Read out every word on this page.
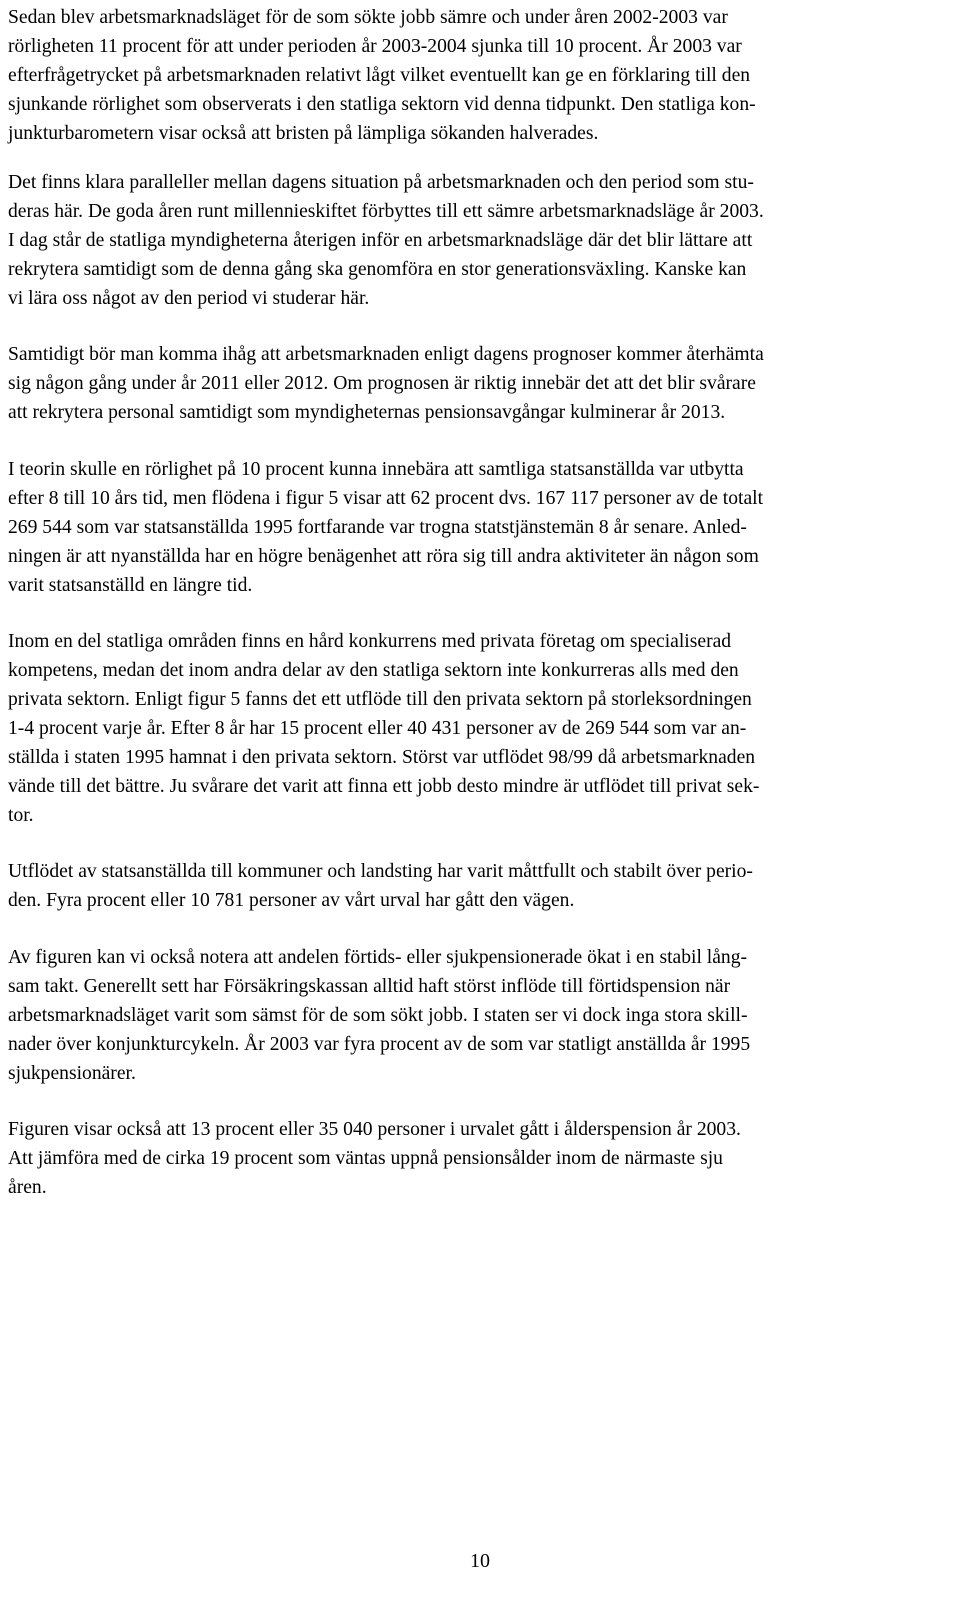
Sedan blev arbetsmarknadsläget för de som sökte jobb sämre och under åren 2002-2003 var
rörligheten 11 procent för att under perioden år 2003-2004 sjunka till 10 procent. År 2003 var
efterfrågetrycket på arbetsmarknaden relativt lågt vilket eventuellt kan ge en förklaring till den
sjunkande rörlighet som observerats i den statliga sektorn vid denna tidpunkt. Den statliga kon-
junkturbarometern visar också att bristen på lämpliga sökanden halverades.

Det finns klara paralleller mellan dagens situation på arbetsmarknaden och den period som stu-
deras här. De goda åren runt millennieskiftet förbyttes till ett sämre arbetsmarknadsläge år 2003.
I dag står de statliga myndigheterna återigen inför en arbetsmarknadsläge där det blir lättare att
rekrytera samtidigt som de denna gång ska genomföra en stor generationsväxling. Kanske kan
vi lära oss något av den period vi studerar här.

Samtidigt bör man komma ihåg att arbetsmarknaden enligt dagens prognoser kommer återhämta
sig någon gång under år 2011 eller 2012. Om prognosen är riktig innebär det att det blir svårare
att rekrytera personal samtidigt som myndigheternas pensionsavgångar kulminerar år 2013.

I teorin skulle en rörlighet på 10 procent kunna innebära att samtliga statsanställda var utbytta
efter 8 till 10 års tid, men flödena i figur 5 visar att 62 procent dvs. 167 117 personer av de totalt
269 544 som var statsanställda 1995 fortfarande var trogna statstjänstemän 8 år senare. Anled-
ningen är att nyanställda har en högre benägenhet att röra sig till andra aktiviteter än någon som
varit statsanställd en längre tid.

Inom en del statliga områden finns en hård konkurrens med privata företag om specialiserad
kompetens, medan det inom andra delar av den statliga sektorn inte konkurreras alls med den
privata sektorn. Enligt figur 5 fanns det ett utflöde till den privata sektorn på storleksordningen
1-4 procent varje år. Efter 8 år har 15 procent eller 40 431 personer av de 269 544 som var an-
ställda i staten 1995 hamnat i den privata sektorn. Störst var utflödet 98/99 då arbetsmarknaden
vände till det bättre. Ju svårare det varit att finna ett jobb desto mindre är utflödet till privat sek-
tor.

Utflödet av statsanställda till kommuner och landsting har varit måttfullt och stabilt över perio-
den. Fyra procent eller 10 781 personer av vårt urval har gått den vägen.

Av figuren kan vi också notera att andelen förtids- eller sjukpensionerade ökat i en stabil lång-
sam takt. Generellt sett har Försäkringskassan alltid haft störst inflöde till förtidspension när
arbetsmarknadsläget varit som sämst för de som sökt jobb. I staten ser vi dock inga stora skill-
nader över konjunkturcykeln. År 2003 var fyra procent av de som var statligt anställda år 1995
sjukpensionärer.

Figuren visar också att 13 procent eller 35 040 personer i urvalet gått i ålderspension år 2003.
Att jämföra med de cirka 19 procent som väntas uppnå pensionsålder inom de närmaste sju
åren.

10
